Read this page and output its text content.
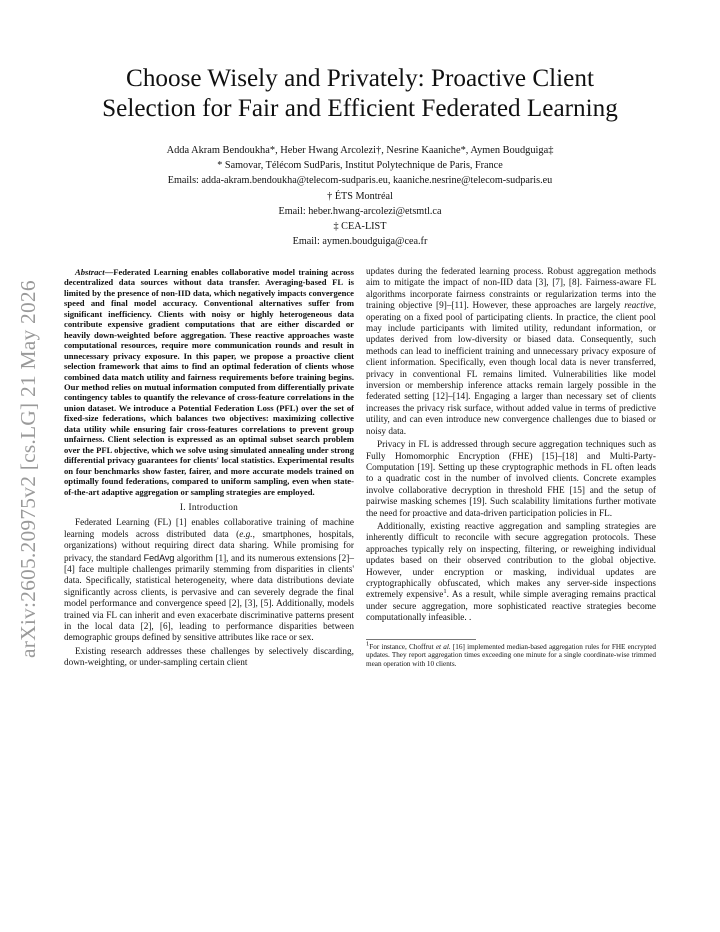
arXiv:2605.20975v2 [cs.LG] 21 May 2026
Choose Wisely and Privately: Proactive Client
Selection for Fair and Efficient Federated Learning
Adda Akram Bendoukha*, Heber Hwang Arcolezi†, Nesrine Kaaniche*, Aymen Boudguiga‡
* Samovar, Télécom SudParis, Institut Polytechnique de Paris, France
Emails: adda-akram.bendoukha@telecom-sudparis.eu, kaaniche.nesrine@telecom-sudparis.eu
† ÉTS Montréal
Email: heber.hwang-arcolezi@etsmtl.ca
‡ CEA-LIST
Email: aymen.boudguiga@cea.fr

Abstract—Federated Learning enables collaborative model training across decentralized data sources without data transfer. Averaging-based FL is limited by the presence of non-IID data, which negatively impacts convergence speed and final model accuracy. Conventional alternatives suffer from significant inefficiency. Clients with noisy or highly heterogeneous data contribute expensive gradient computations that are either discarded or heavily down-weighted before aggregation. These reactive approaches waste computational resources, require more communication rounds and result in unnecessary privacy exposure. In this paper, we propose a proactive client selection framework that aims to find an optimal federation of clients whose combined data match utility and fairness requirements before training begins. Our method relies on mutual information computed from differentially private contingency tables to quantify the relevance of cross-feature correlations in the union dataset. We introduce a Potential Federation Loss (PFL) over the set of fixed-size federations, which balances two objectives: maximizing collective data utility while ensuring fair cross-features correlations to prevent group unfairness. Client selection is expressed as an optimal subset search problem over the PFL objective, which we solve using simulated annealing under strong differential privacy guarantees for clients' local statistics. Experimental results on four benchmarks show faster, fairer, and more accurate models trained on optimally found federations, compared to uniform sampling, even when state-of-the-art adaptive aggregation or sampling strategies are employed.

I. Introduction

Federated Learning (FL) [1] enables collaborative training of machine learning models across distributed data (e.g., smartphones, hospitals, organizations) without requiring direct data sharing. While promising for privacy, the standard FedAvg algorithm [1], and its numerous extensions [2]–[4] face multiple challenges primarily stemming from disparities in clients' data. Specifically, statistical heterogeneity, where data distributions deviate significantly across clients, is pervasive and can severely degrade the final model performance and convergence speed [2], [3], [5]. Additionally, models trained via FL can inherit and even exacerbate discriminative patterns present in the local data [2], [6], leading to performance disparities between demographic groups defined by sensitive attributes like race or sex.

Existing research addresses these challenges by selectively discarding, down-weighting, or under-sampling certain client

updates during the federated learning process. Robust aggregation methods aim to mitigate the impact of non-IID data [3], [7], [8]. Fairness-aware FL algorithms incorporate fairness constraints or regularization terms into the training objective [9]–[11]. However, these approaches are largely reactive, operating on a fixed pool of participating clients. In practice, the client pool may include participants with limited utility, redundant information, or updates derived from low-diversity or biased data. Consequently, such methods can lead to inefficient training and unnecessary privacy exposure of client information. Specifically, even though local data is never transferred, privacy in conventional FL remains limited. Vulnerabilities like model inversion or membership inference attacks remain largely possible in the federated setting [12]–[14]. Engaging a larger than necessary set of clients increases the privacy risk surface, without added value in terms of predictive utility, and can even introduce new convergence challenges due to biased or noisy data.

Privacy in FL is addressed through secure aggregation techniques such as Fully Homomorphic Encryption (FHE) [15]–[18] and Multi-Party-Computation [19]. Setting up these cryptographic methods in FL often leads to a quadratic cost in the number of involved clients. Concrete examples involve collaborative decryption in threshold FHE [15] and the setup of pairwise masking schemes [19]. Such scalability limitations further motivate the need for proactive and data-driven participation policies in FL.

Additionally, existing reactive aggregation and sampling strategies are inherently difficult to reconcile with secure aggregation protocols. These approaches typically rely on inspecting, filtering, or reweighing individual updates based on their observed contribution to the global objective. However, under encryption or masking, individual updates are cryptographically obfuscated, which makes any server-side inspections extremely expensive$^1$. As a result, while simple averaging remains practical under secure aggregation, more sophisticated reactive strategies become computationally infeasible. .

$^1$For instance, Choffrut et al. [16] implemented median-based aggregation rules for FHE encrypted updates. They report aggregation times exceeding one minute for a single coordinate-wise trimmed mean operation with 10 clients.
